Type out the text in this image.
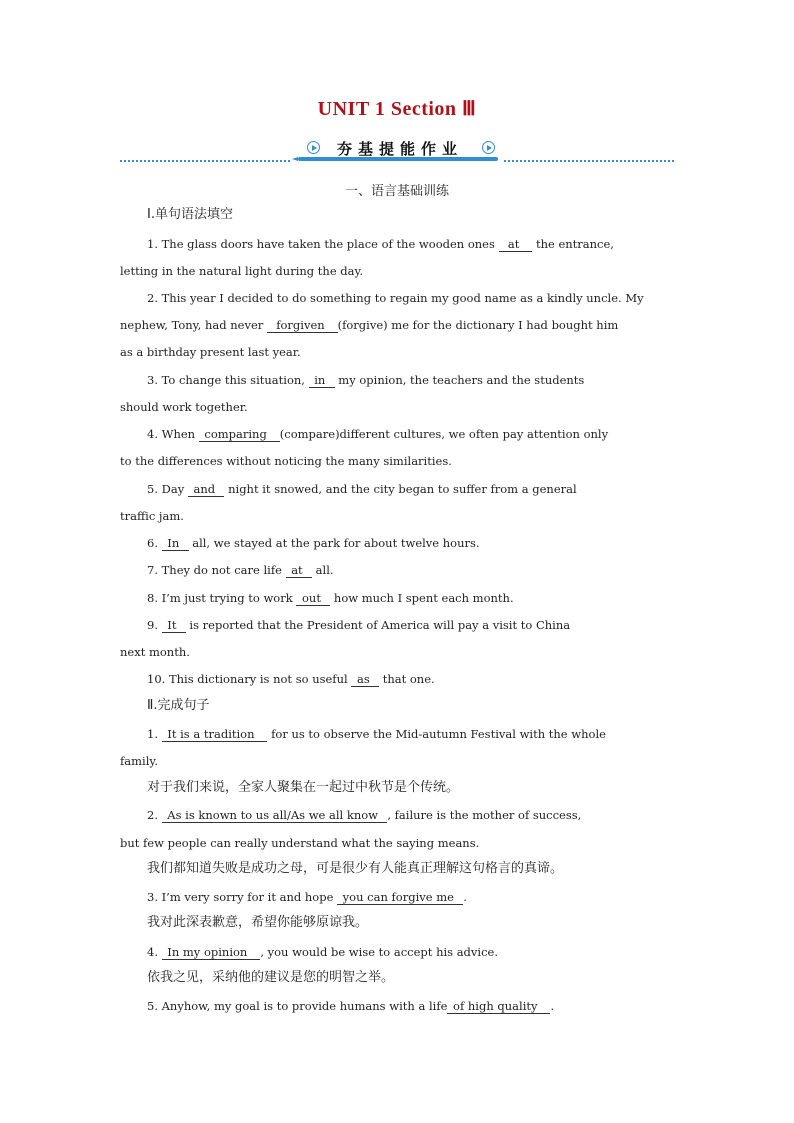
UNIT 1 Section Ⅲ
夯基提能作业
一、语言基础训练
Ⅰ.单句语法填空
1. The glass doors have taken the place of the wooden ones   at    the entrance,
letting in the natural light during the day.
2. This year I decided to do something to regain my good name as a kindly uncle. My
nephew, Tony, had never   forgiven   (forgive) me for the dictionary I had bought him
as a birthday present last year.
3. To change this situation,  in   my opinion, the teachers and the students
should work together.
4. When  comparing   (compare)different cultures, we often pay attention only
to the differences without noticing the many similarities.
5. Day  and   night it snowed, and the city began to suffer from a general
traffic jam.
6.  In   all, we stayed at the park for about twelve hours.
7. They do not care life  at   all.
8. I’m just trying to work  out   how much I spent each month.
9.  It   is reported that the President of America will pay a visit to China
next month.
10. This dictionary is not so useful  as   that one.
Ⅱ.完成句子
1.  It is a tradition    for us to observe the Mid-autumn Festival with the whole
family.
对于我们来说，全家人聚集在一起过中秋节是个传统。
2.  As is known to us all/As we all know  , failure is the mother of success,
but few people can really understand what the saying means.
我们都知道失败是成功之母，可是很少有人能真正理解这句格言的真谛。
3. I’m very sorry for it and hope  you can forgive me  .
我对此深表歉意，希望你能够原谅我。
4.  In my opinion   , you would be wise to accept his advice.
依我之见，采纳他的建议是您的明智之举。
5. Anyhow, my goal is to provide humans with a life of high quality   .
